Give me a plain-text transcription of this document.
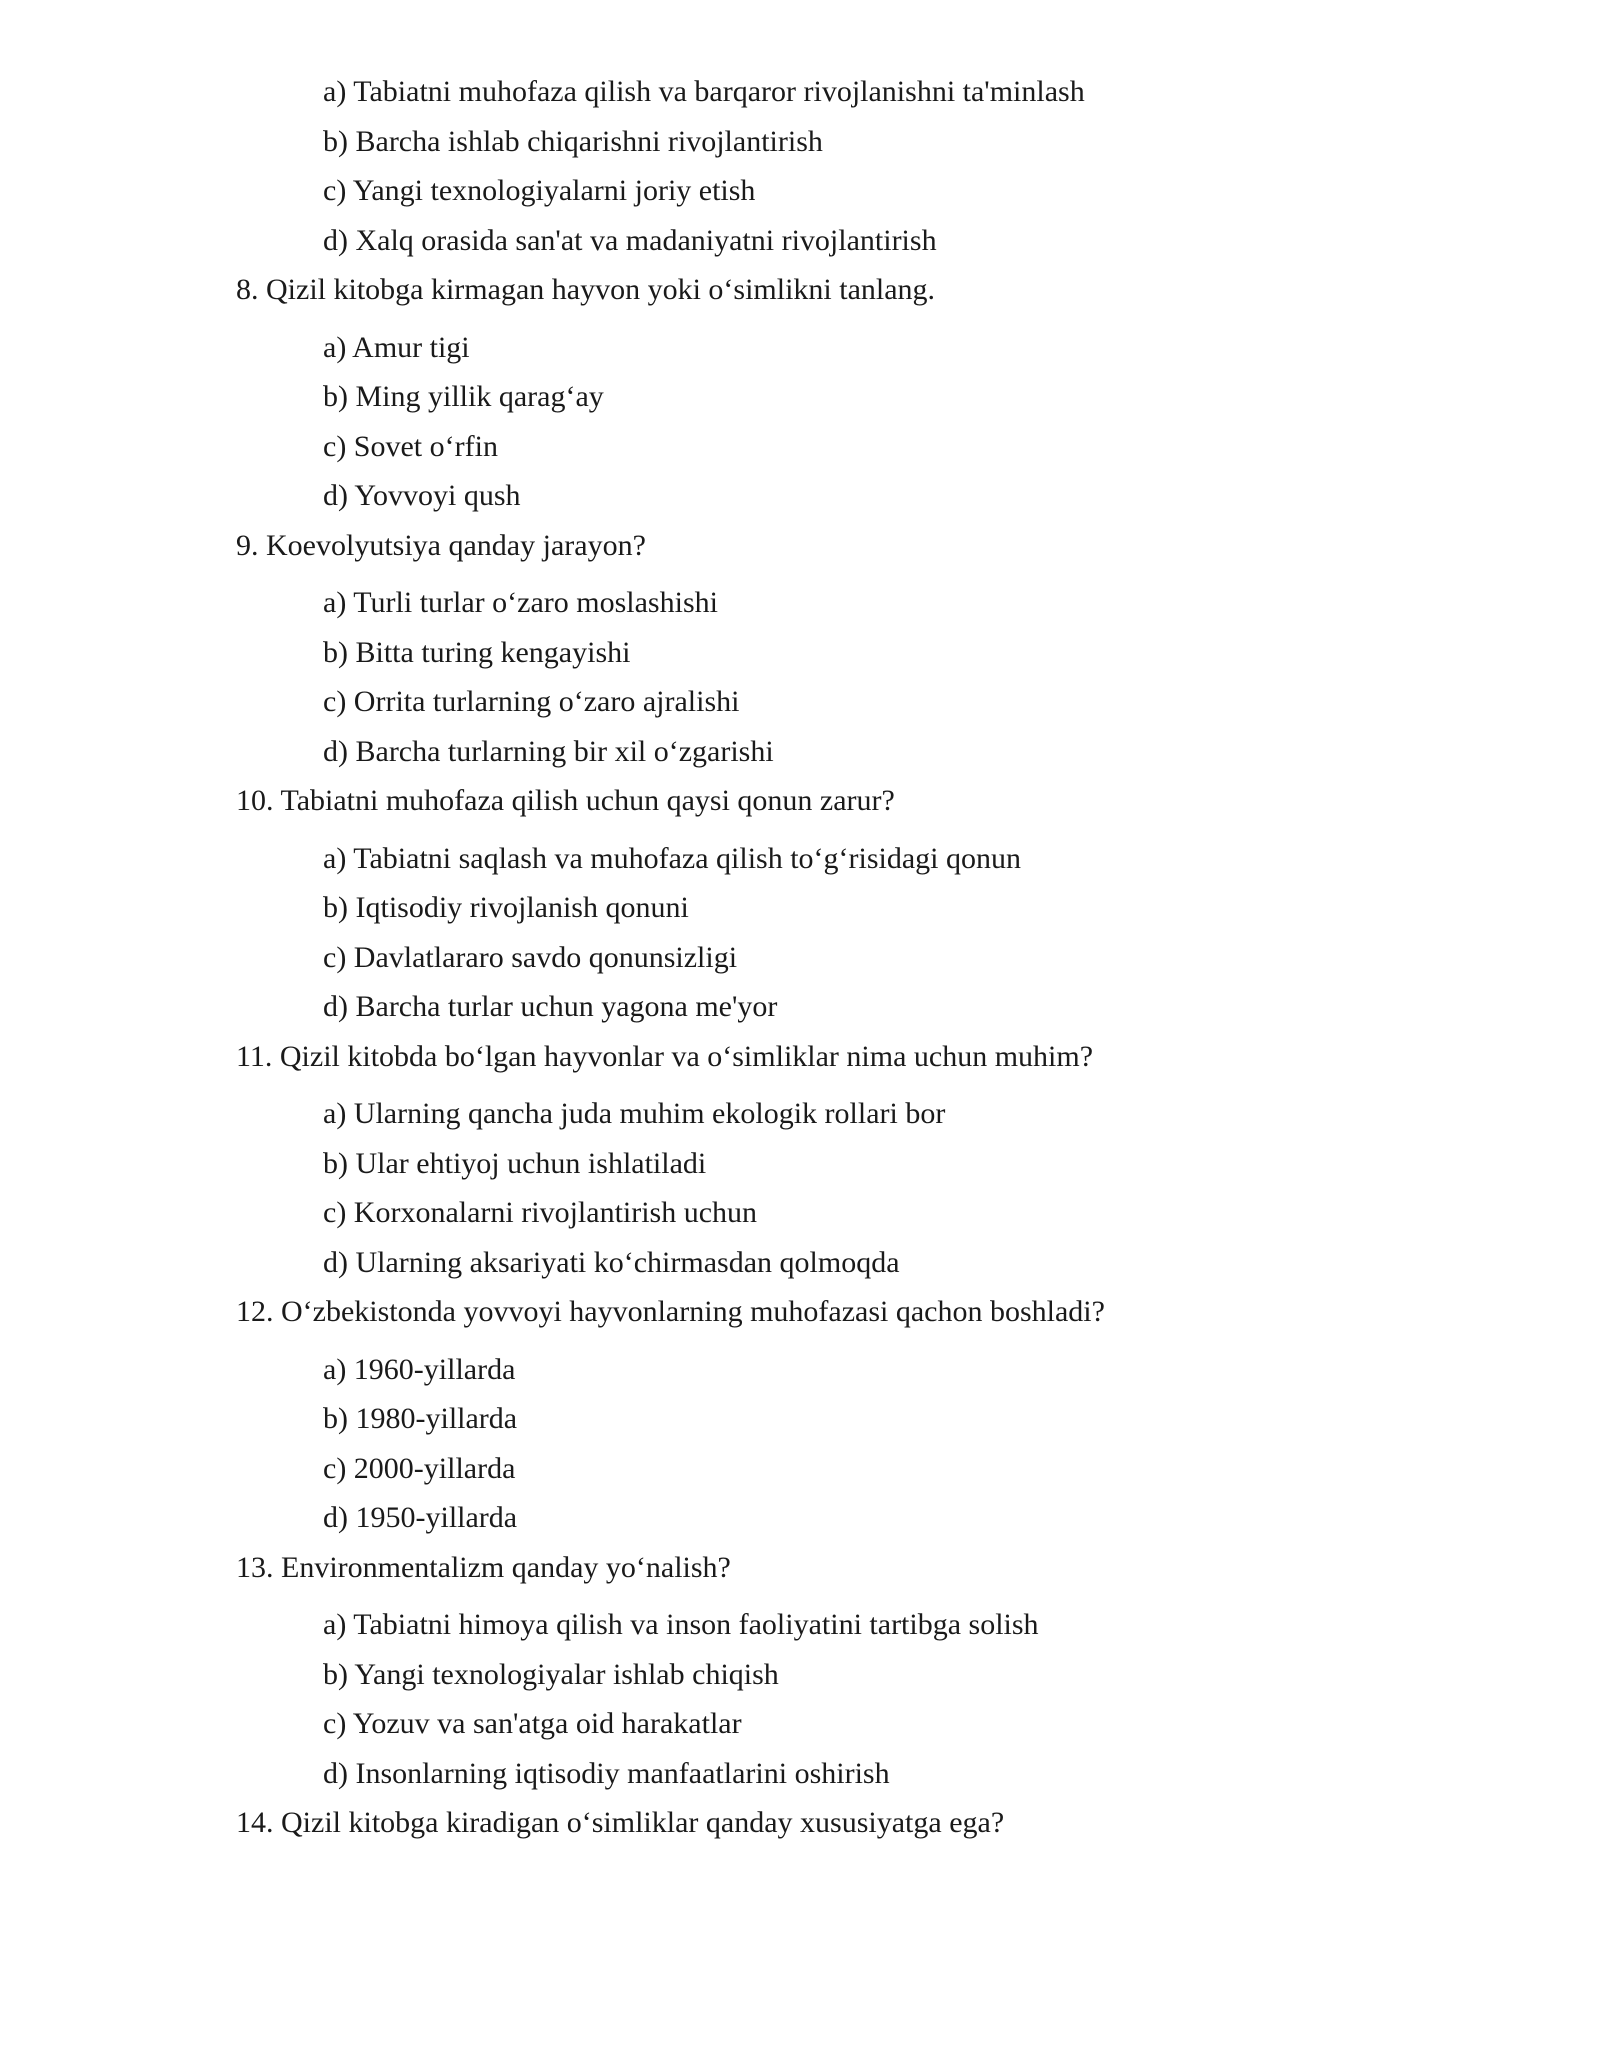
a) Tabiatni muhofaza qilish va barqaror rivojlanishni ta'minlash
b) Barcha ishlab chiqarishni rivojlantirish
c) Yangi texnologiyalarni joriy etish
d) Xalq orasida san'at va madaniyatni rivojlantirish
8. Qizil kitobga kirmagan hayvon yoki o‘simlikni tanlang.
a) Amur tigi
b) Ming yillik qarag‘ay
c) Sovet o‘rfin
d) Yovvoyi qush
9. Koevolyutsiya qanday jarayon?
a) Turli turlar o‘zaro moslashishi
b) Bitta turing kengayishi
c) Orrita turlarning o‘zaro ajralishi
d) Barcha turlarning bir xil o‘zgarishi
10. Tabiatni muhofaza qilish uchun qaysi qonun zarur?
a) Tabiatni saqlash va muhofaza qilish to‘g‘risidagi qonun
b) Iqtisodiy rivojlanish qonuni
c) Davlatlararo savdo qonunsizligi
d) Barcha turlar uchun yagona me'yor
11. Qizil kitobda bo‘lgan hayvonlar va o‘simliklar nima uchun muhim?
a) Ularning qancha juda muhim ekologik rollari bor
b) Ular ehtiyoj uchun ishlatiladi
c) Korxonalarni rivojlantirish uchun
d) Ularning aksariyati ko‘chirmasdan qolmoqda
12. O‘zbekistonda yovvoyi hayvonlarning muhofazasi qachon boshladi?
a) 1960-yillarda
b) 1980-yillarda
c) 2000-yillarda
d) 1950-yillarda
13. Environmentalizm qanday yo‘nalish?
a) Tabiatni himoya qilish va inson faoliyatini tartibga solish
b) Yangi texnologiyalar ishlab chiqish
c) Yozuv va san'atga oid harakatlar
d) Insonlarning iqtisodiy manfaatlarini oshirish
14. Qizil kitobga kiradigan o‘simliklar qanday xususiyatga ega?
